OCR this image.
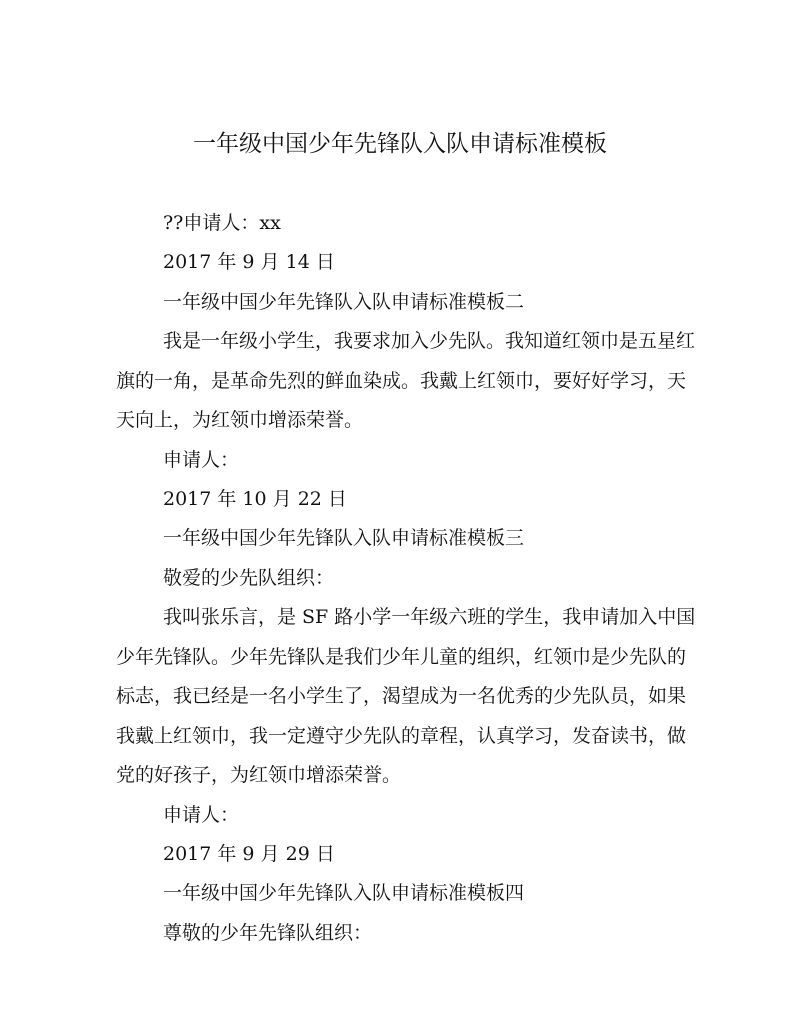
一年级中国少年先锋队入队申请标准模板
??申请人：xx
2017 年 9 月 14 日
一年级中国少年先锋队入队申请标准模板二
我是一年级小学生，我要求加入少先队。我知道红领巾是五星红
旗的一角，是革命先烈的鲜血染成。我戴上红领巾，要好好学习，天
天向上，为红领巾增添荣誉。
申请人：
2017 年 10 月 22 日
一年级中国少年先锋队入队申请标准模板三
敬爱的少先队组织：
我叫张乐言，是 SF 路小学一年级六班的学生，我申请加入中国
少年先锋队。少年先锋队是我们少年儿童的组织，红领巾是少先队的
标志，我已经是一名小学生了，渴望成为一名优秀的少先队员，如果
我戴上红领巾，我一定遵守少先队的章程，认真学习，发奋读书，做
党的好孩子，为红领巾增添荣誉。
申请人：
2017 年 9 月 29 日
一年级中国少年先锋队入队申请标准模板四
尊敬的少年先锋队组织：
